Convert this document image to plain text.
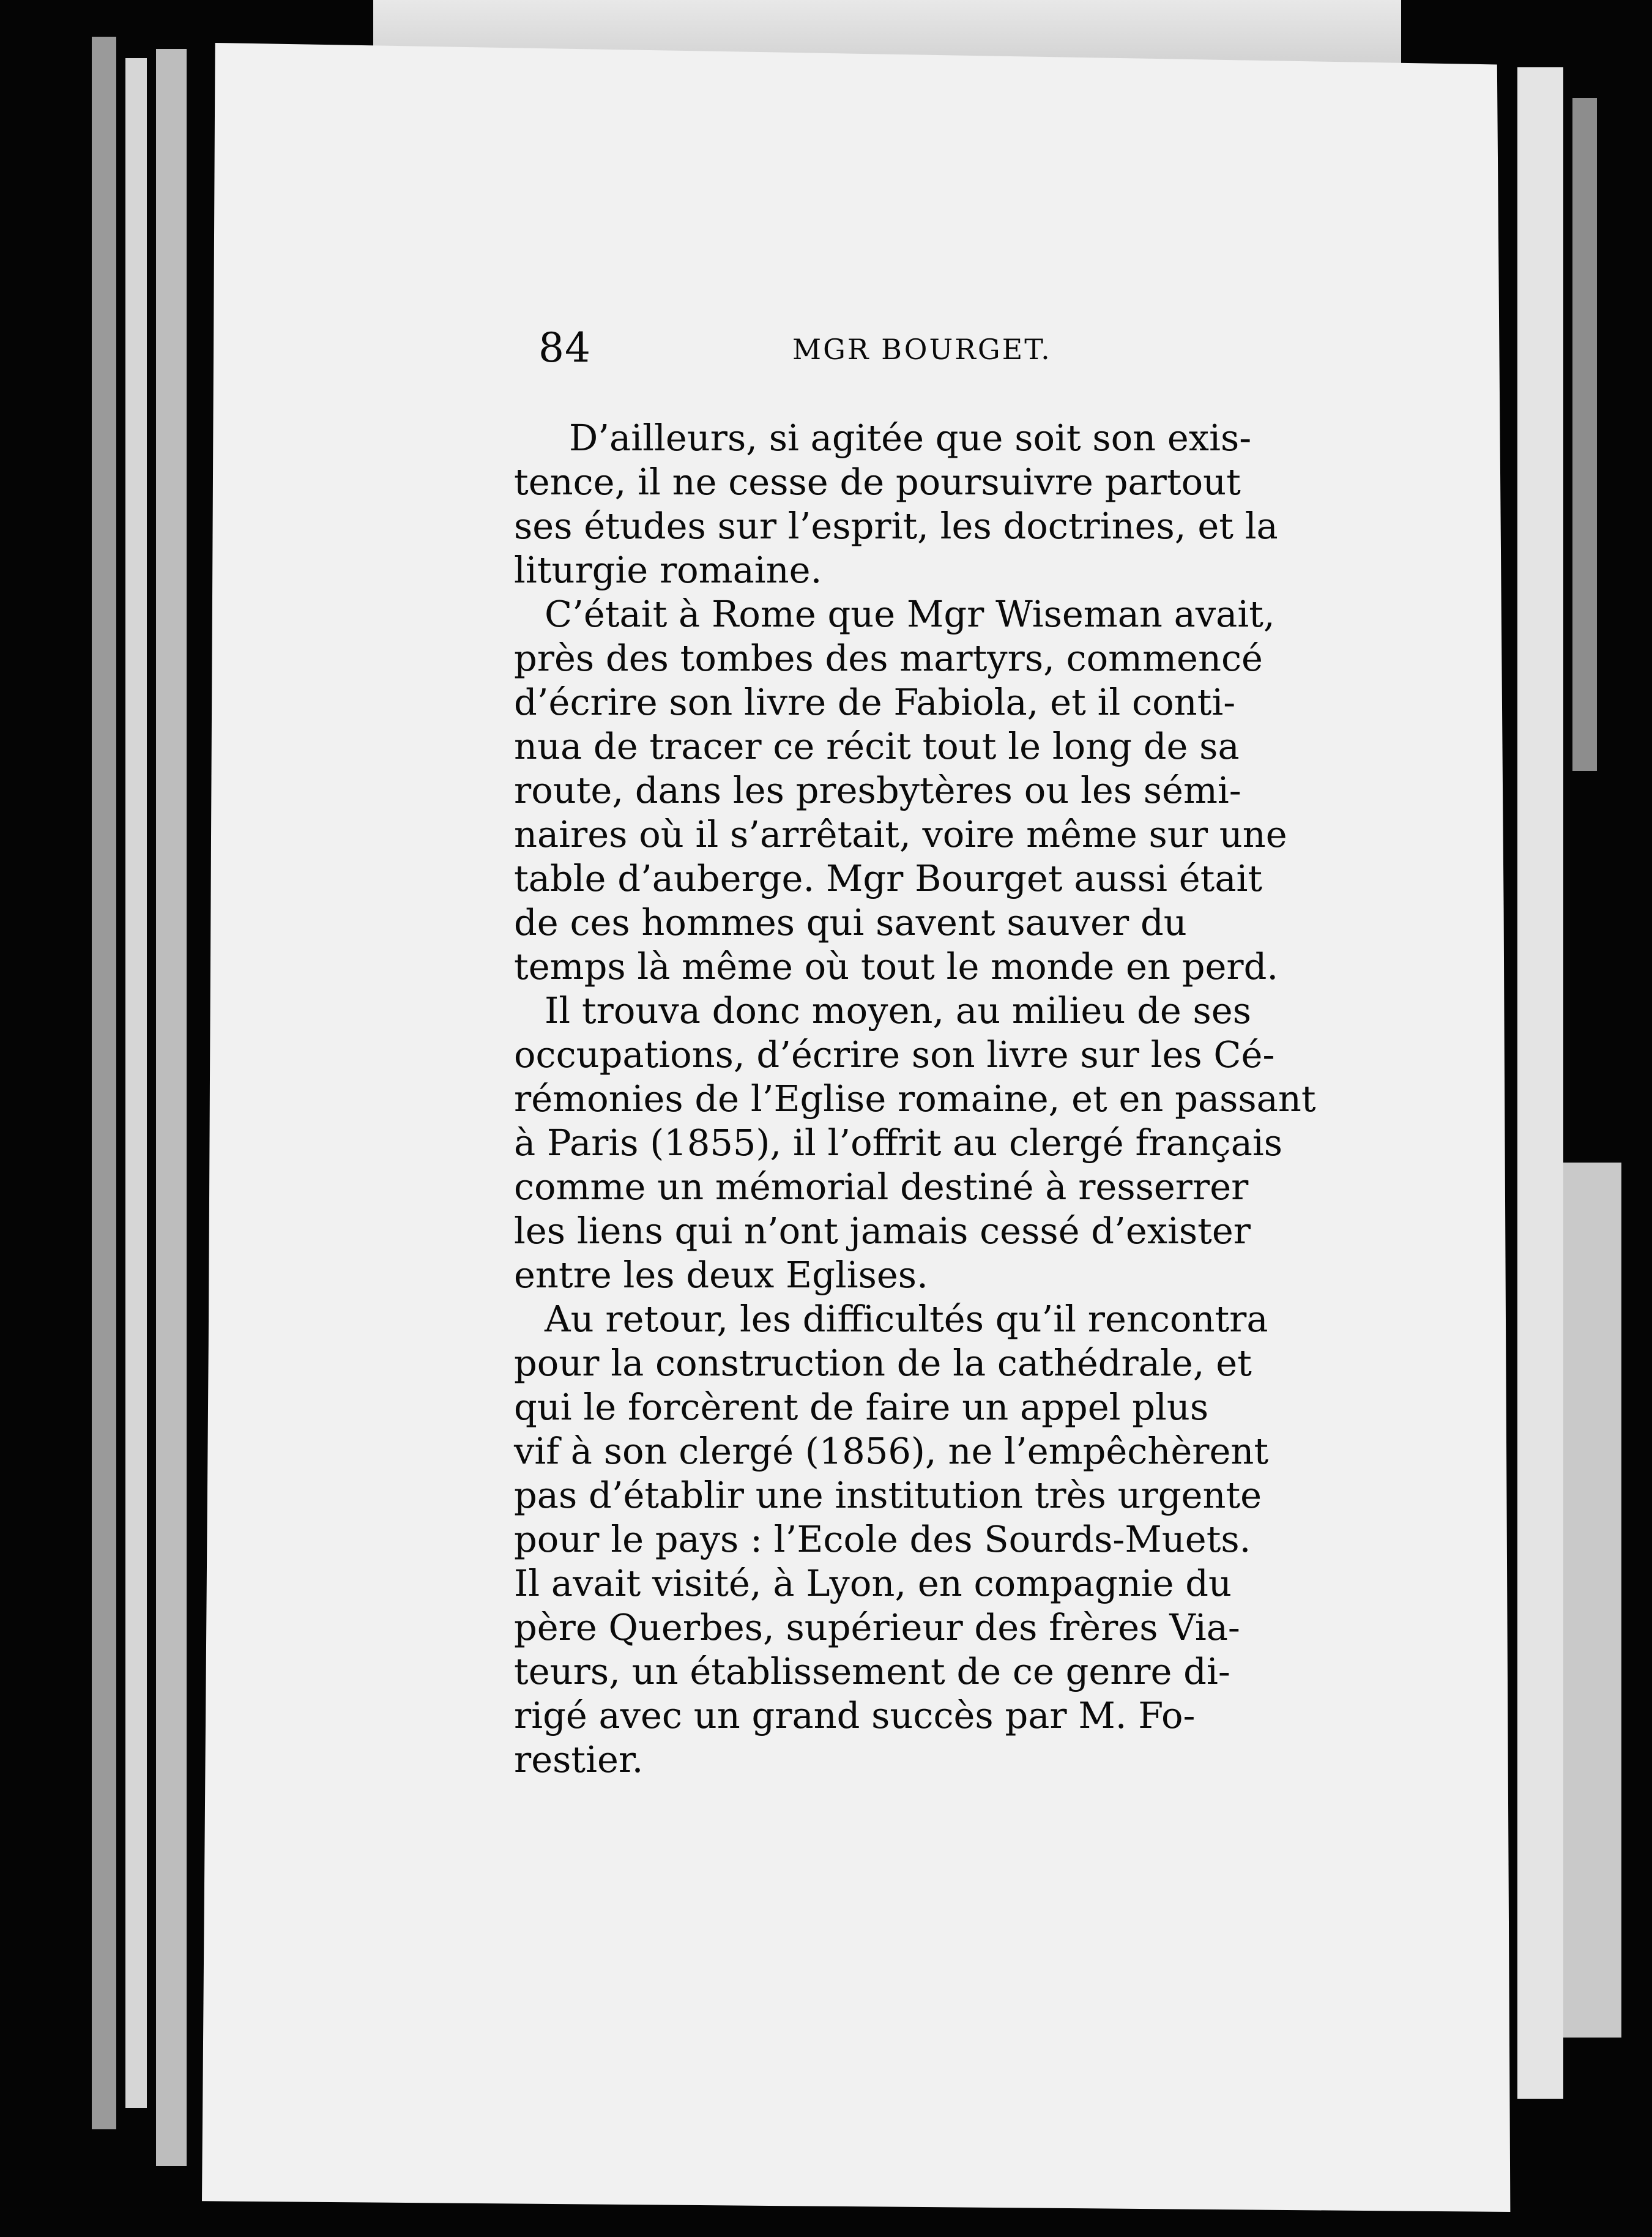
84	MGR BOURGET.
D’ailleurs, si agitée que soit son exis-
tence, il ne cesse de poursuivre partout
ses études sur l’esprit, les doctrines, et la
liturgie romaine.
C’était à Rome que Mgr Wiseman avait,
près des tombes des martyrs, commencé
d’écrire son livre de Fabiola, et il conti-
nua de tracer ce récit tout le long de sa
route, dans les presbytères ou les sémi-
naires où il s’arrêtait, voire même sur une
table d’auberge. Mgr Bourget aussi était
de ces hommes qui savent sauver du
temps là même où tout le monde en perd.
Il trouva donc moyen, au milieu de ses
occupations, d’écrire son livre sur les Cé-
rémonies de l’Eglise romaine, et en passant
à Paris (1855), il l’offrit au clergé français
comme un mémorial destiné à resserrer
les liens qui n’ont jamais cessé d’exister
entre les deux Eglises.
Au retour, les difficultés qu’il rencontra
pour la construction de la cathédrale, et
qui le forcèrent de faire un appel plus
vif à son clergé (1856), ne l’empêchèrent
pas d’établir une institution très urgente
pour le pays : l’Ecole des Sourds-Muets.
Il avait visité, à Lyon, en compagnie du
père Querbes, supérieur des frères Via-
teurs, un établissement de ce genre di-
rigé avec un grand succès par M. Fo-
restier.
